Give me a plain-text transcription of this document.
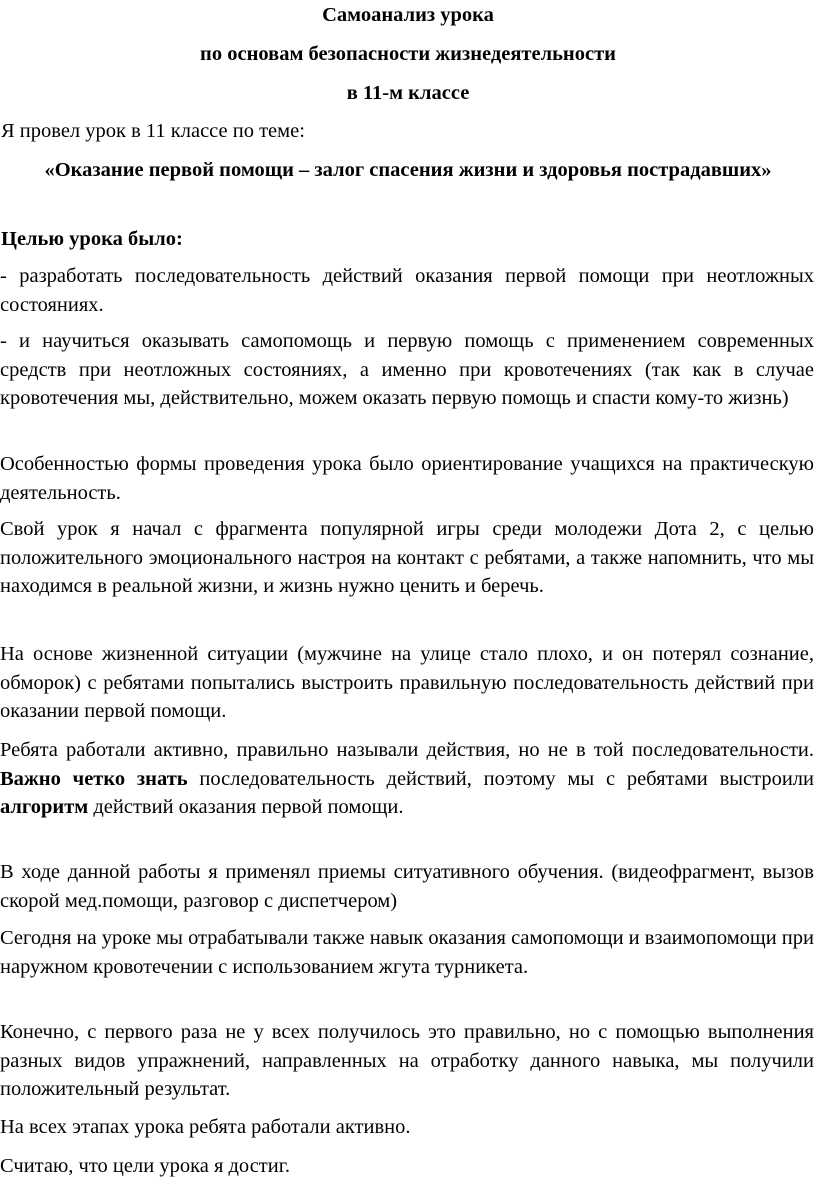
Самоанализ урока
по основам безопасности жизнедеятельности
в 11-м классе
Я провел урок в 11 классе по теме:
«Оказание первой помощи – залог спасения жизни и здоровья пострадавших»
Целью урока было:
- разработать последовательность действий оказания первой помощи при неотложных состояниях.
- и научиться оказывать самопомощь и первую помощь с применением современных средств при неотложных состояниях, а именно при кровотечениях (так как в случае кровотечения мы, действительно, можем оказать первую помощь и спасти кому-то жизнь)
Особенностью формы проведения урока было ориентирование учащихся на практическую деятельность.
Свой урок я начал с фрагмента популярной игры среди молодежи Дота 2, с целью положительного эмоционального настроя на контакт с ребятами, а также напомнить, что мы находимся в реальной жизни, и жизнь нужно ценить и беречь.
На основе жизненной ситуации (мужчине на улице стало плохо, и он потерял сознание, обморок) с ребятами попытались выстроить правильную последовательность действий при оказании первой помощи.
Ребята работали активно, правильно называли действия, но не в той последовательности. Важно четко знать последовательность действий, поэтому мы с ребятами выстроили алгоритм действий оказания первой помощи.
В ходе данной работы я применял приемы ситуативного обучения. (видеофрагмент, вызов скорой мед.помощи, разговор с диспетчером)
Сегодня на уроке мы отрабатывали также навык оказания самопомощи и взаимопомощи при наружном кровотечении с использованием жгута турникета.
Конечно, с первого раза не у всех получилось это правильно, но с помощью выполнения разных видов упражнений, направленных на отработку данного навыка, мы получили положительный результат.
На всех этапах урока ребята работали активно.
Считаю, что цели урока я достиг.
